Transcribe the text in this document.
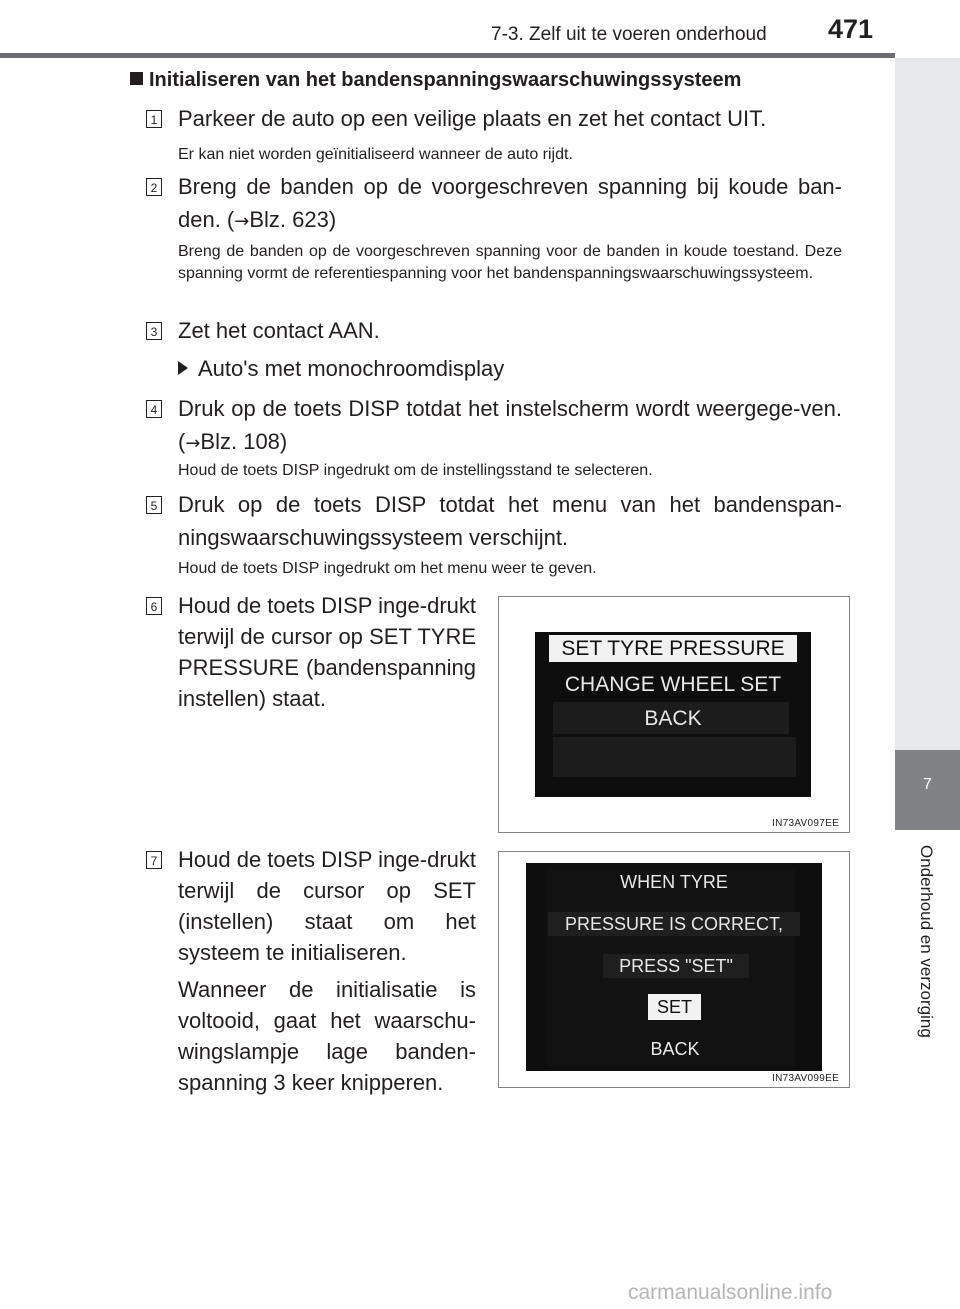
7-3. Zelf uit te voeren onderhoud 471
7
Onderhoud en verzorging
Initialiseren van het bandenspanningswaarschuwingssysteem
1 Parkeer de auto op een veilige plaats en zet het contact UIT.
Er kan niet worden geïnitialiseerd wanneer de auto rijdt.
2 Breng de banden op de voorgeschreven spanning bij koude ban-den. (→Blz. 623)
Breng de banden op de voorgeschreven spanning voor de banden in koude toestand. Deze spanning vormt de referentiespanning voor het bandenspanningswaarschuwingssysteem.
3 Zet het contact AAN.
Auto's met monochroomdisplay
4 Druk op de toets DISP totdat het instelscherm wordt weergege-ven. (→Blz. 108)
Houd de toets DISP ingedrukt om de instellingsstand te selecteren.
5 Druk op de toets DISP totdat het menu van het bandenspan-ningswaarschuwingssysteem verschijnt.
Houd de toets DISP ingedrukt om het menu weer te geven.
6 Houd de toets DISP inge-drukt terwijl de cursor op SET TYRE PRESSURE (bandenspanning instellen) staat.

SET TYRE PRESSURE
CHANGE WHEEL SET
BACK
IN73AV097EE
7 Houd de toets DISP inge-drukt terwijl de cursor op SET (instellen) staat om het systeem te initialiseren.

Wanneer de initialisatie is voltooid, gaat het waarschu-wingslampje lage banden-spanning 3 keer knipperen.

WHEN TYRE
PRESSURE IS CORRECT,
PRESS "SET"
SET
BACK
IN73AV099EE
carmanualsonline.info
